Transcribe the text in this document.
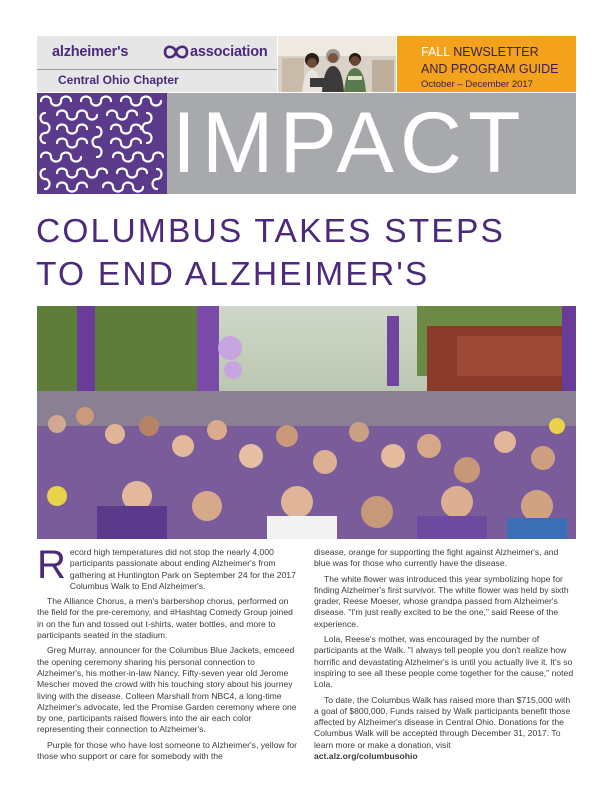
alzheimer's	association
Central Ohio Chapter
FALL NEWSLETTER
AND PROGRAM GUIDE
October – December 2017
IMPACT
COLUMBUS TAKES STEPS
TO END ALZHEIMER'S

Record high temperatures did not stop the nearly 4,000 participants passionate about ending Alzheimer's from gathering at Huntington Park on September 24 for the 2017 Columbus Walk to End Alzheimer's.

The Alliance Chorus, a men's barbershop chorus, performed on the field for the pre-ceremony, and #Hashtag Comedy Group joined in on the fun and tossed out t-shirts, water bottles, and more to participants seated in the stadium.

Greg Murray, announcer for the Columbus Blue Jackets, emceed the opening ceremony sharing his personal connection to Alzheimer's, his mother-in-law Nancy. Fifty-seven year old Jerome Mescher moved the crowd with his touching story about his journey living with the disease. Colleen Marshall from NBC4, a long-time Alzheimer's advocate, led the Promise Garden ceremony where one by one, participants raised flowers into the air each color representing their connection to Alzheimer's.

Purple for those who have lost someone to Alzheimer's, yellow for those who support or care for somebody with the

disease, orange for supporting the fight against Alzheimer's, and blue was for those who currently have the disease.

The white flower was introduced this year symbolizing hope for finding Alzheimer's first survivor. The white flower was held by sixth grader, Reese Moeser, whose grandpa passed from Alzheimer's disease. "I'm just really excited to be the one," said Reese of the experience.

Lola, Reese's mother, was encouraged by the number of participants at the Walk. "I always tell people you don't realize how horrific and devastating Alzheimer's is until you actually live it. It's so inspiring to see all these people come together for the cause," noted Lola.

To date, the Columbus Walk has raised more than $715,000 with a goal of $800,000. Funds raised by Walk participants benefit those affected by Alzheimer's disease in Central Ohio. Donations for the Columbus Walk will be accepted through December 31, 2017. To learn more or make a donation, visit
act.alz.org/columbusohio
